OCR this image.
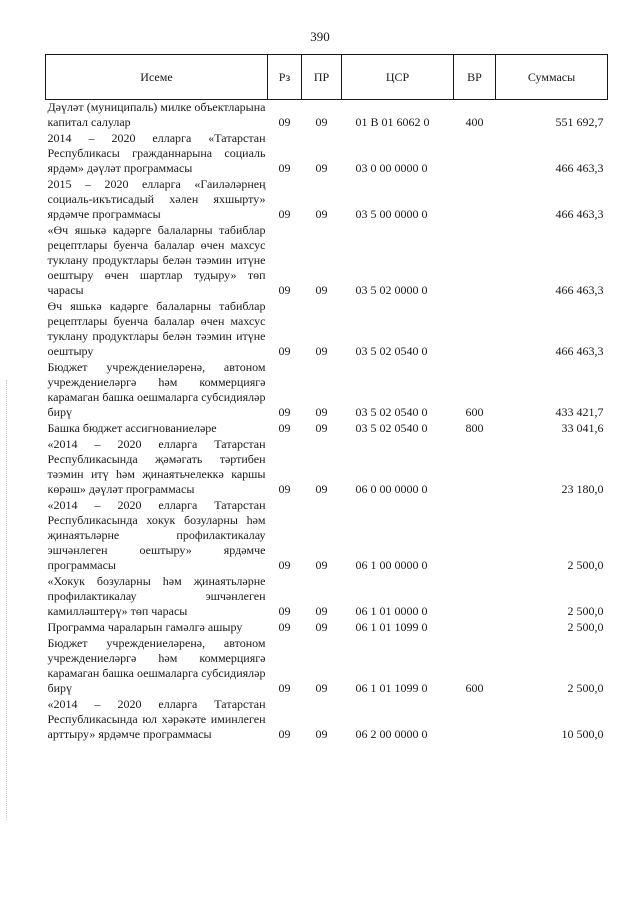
390
Исеме	Рз	ПР	ЦСР	ВР	Суммасы
Дәүләт (муниципаль) милке объектларына капитал салулар	09	09	01 В 01 6062 0	400	551 692,7
2014 – 2020 елларга «Татарстан Республикасы гражданнарына социаль ярдәм» дәүләт программасы	09	09	03 0 00 0000 0		466 463,3
2015 – 2020 елларга «Гаиләләрнең социаль-икътисадый хәлен яхшырту» ярдәмче программасы	09	09	03 5 00 0000 0		466 463,3
«Өч яшькә кадәрге балаларны табиблар рецептлары буенча балалар өчен махсус туклану продуктлары белән тәэмин итүне оештыру өчен шартлар тудыру» төп чарасы	09	09	03 5 02 0000 0		466 463,3
Өч яшькә кадәрге балаларны табиблар рецептлары буенча балалар өчен махсус туклану продуктлары белән тәэмин итүне оештыру	09	09	03 5 02 0540 0		466 463,3
Бюджет учреждениеләренә, автоном учреждениеләргә һәм коммерциягә карамаган башка оешмаларга субсидияләр бирү	09	09	03 5 02 0540 0	600	433 421,7
Башка бюджет ассигнованиеләре	09	09	03 5 02 0540 0	800	33 041,6
«2014 – 2020 елларга Татарстан Республикасында җәмәгать тәртибен тәэмин итү һәм җинаятьчелеккә каршы көрәш» дәүләт программасы	09	09	06 0 00 0000 0		23 180,0
«2014 – 2020 елларга Татарстан Республикасында хокук бозуларны һәм җинаятьләрне профилактикалау эшчәнлеген оештыру» ярдәмче программасы	09	09	06 1 00 0000 0		2 500,0
«Хокук бозуларны һәм җинаятьләрне профилактикалау эшчәнлеген камилләштерү» төп чарасы	09	09	06 1 01 0000 0		2 500,0
Программа чараларын гамәлгә ашыру	09	09	06 1 01 1099 0		2 500,0
Бюджет учреждениеләренә, автоном учреждениеләргә һәм коммерциягә карамаган башка оешмаларга субсидияләр бирү	09	09	06 1 01 1099 0	600	2 500,0
«2014 – 2020 елларга Татарстан Республикасында юл хәрәкәте иминлеген арттыру» ярдәмче программасы	09	09	06 2 00 0000 0		10 500,0
